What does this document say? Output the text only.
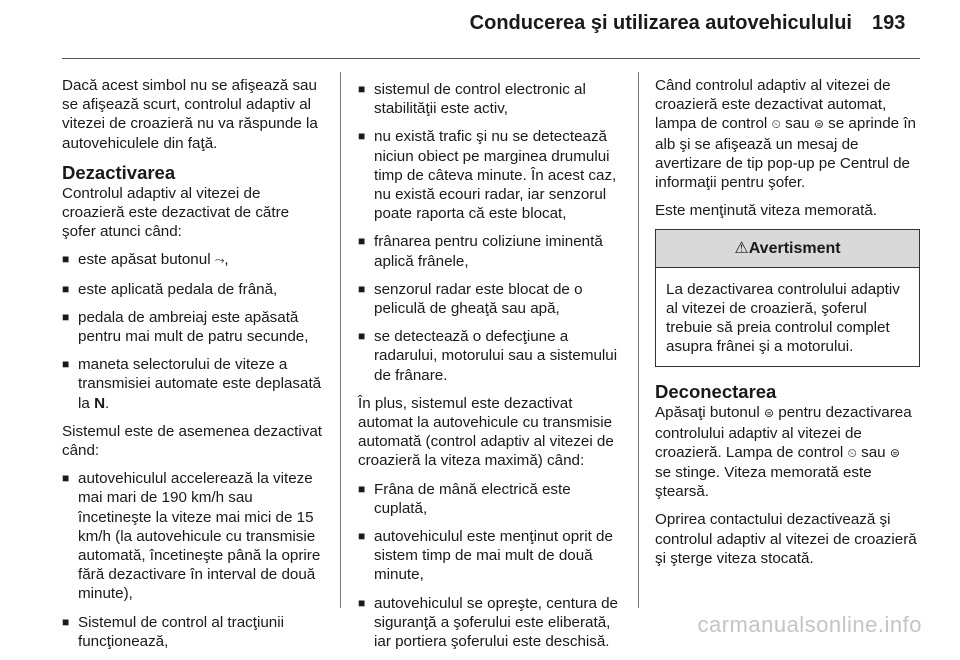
Conducerea şi utilizarea autovehiculului 193

Dacă acest simbol nu se afişează sau se afişează scurt, controlul adaptiv al vitezei de croazieră nu va răspunde la autovehiculele din faţă.

Dezactivarea

Controlul adaptiv al vitezei de croazieră este dezactivat de către şofer atunci când:

■ este apăsat butonul ⤳,
■ este aplicată pedala de frână,
■ pedala de ambreiaj este apăsată pentru mai mult de patru secunde,
■ maneta selectorului de viteze a transmisiei automate este deplasată la N.

Sistemul este de asemenea dezactivat când:

■ autovehiculul accelerează la viteze mai mari de 190 km/h sau încetineşte la viteze mai mici de 15 km/h (la autovehicule cu transmisie automată, încetineşte până la oprire fără dezactivare în interval de două minute),
■ Sistemul de control al tracţiunii funcţionează,
■ sistemul de control electronic al stabilităţii este activ,
■ nu există trafic şi nu se detectează niciun obiect pe marginea drumului timp de câteva minute. În acest caz, nu există ecouri radar, iar senzorul poate raporta că este blocat,
■ frânarea pentru coliziune iminentă aplică frânele,
■ senzorul radar este blocat de o peliculă de gheaţă sau apă,
■ se detectează o defecţiune a radarului, motorului sau a sistemului de frânare.

În plus, sistemul este dezactivat automat la autovehicule cu transmisie automată (control adaptiv al vitezei de croazieră la viteza maximă) când:

■ Frâna de mână electrică este cuplată,
■ autovehiculul este menţinut oprit de sistem timp de mai mult de două minute,
■ autovehiculul se opreşte, centura de siguranţă a şoferului este eliberată, iar portiera şoferului este deschisă.

Când controlul adaptiv al vitezei de croazieră este dezactivat automat, lampa de control ⏲ sau ⊜ se aprinde în alb şi se afişează un mesaj de avertizare de tip pop-up pe Centrul de informaţii pentru şofer.

Este menţinută viteza memorată.

⚠Avertisment

La dezactivarea controlului adaptiv al vitezei de croazieră, şoferul trebuie să preia controlul complet asupra frânei şi a motorului.

Deconectarea

Apăsaţi butonul ⊜ pentru dezactivarea controlului adaptiv al vitezei de croazieră. Lampa de control ⏲ sau ⊜ se stinge. Viteza memorată este ştearsă.

Oprirea contactului dezactivează şi controlul adaptiv al vitezei de croazieră şi şterge viteza stocată.

carmanualsonline.info
